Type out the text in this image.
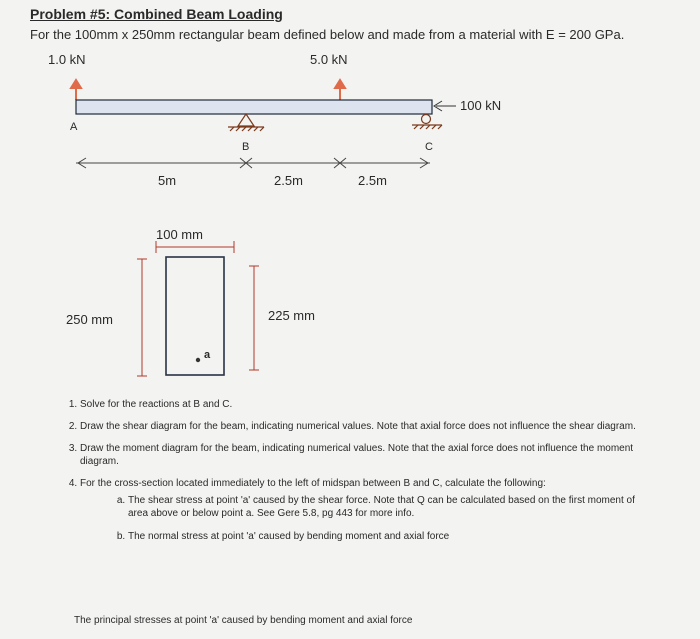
Problem #5: Combined Beam Loading
For the 100mm x 250mm rectangular beam defined below and made from a material with E = 200 GPa.
1.0 kN	5.0 kN
100 kN
A
B	C
5m	2.5m	2.5m
100 mm
250 mm	225 mm
a
1. Solve for the reactions at B and C.
2. Draw the shear diagram for the beam, indicating numerical values. Note that axial force does not influence the shear diagram.
3. Draw the moment diagram for the beam, indicating numerical values. Note that the axial force does not influence the moment diagram.
4. For the cross-section located immediately to the left of midspan between B and C, calculate the following:
a. The shear stress at point 'a' caused by the shear force. Note that Q can be calculated based on the first moment of area above or below point a. See Gere 5.8, pg 443 for more info.
b. The normal stress at point 'a' caused by bending moment and axial force
The principal stresses at point 'a' caused by bending moment and axial force
